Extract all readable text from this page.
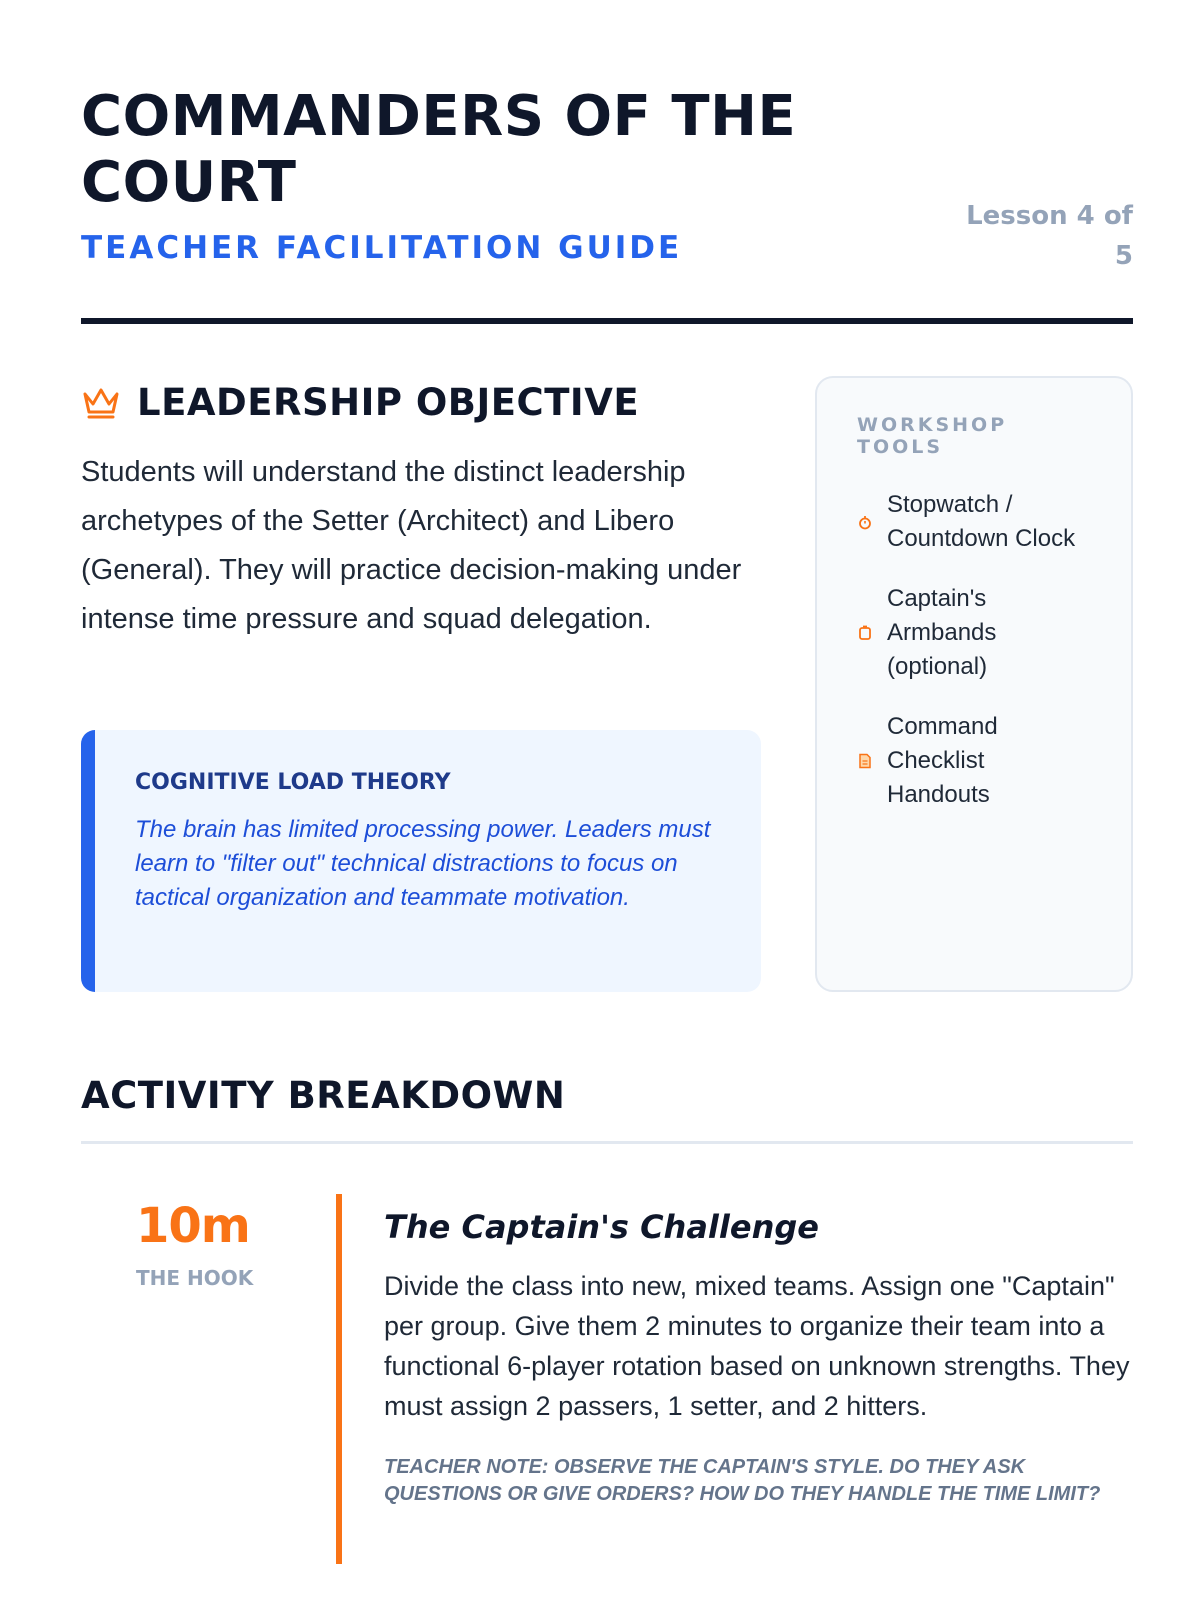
COMMANDERS OF THE COURT
TEACHER FACILITATION GUIDE
Lesson 4 of 5
LEADERSHIP OBJECTIVE

Students will understand the distinct leadership archetypes of the Setter (Architect) and Libero (General). They will practice decision-making under intense time pressure and squad delegation.

COGNITIVE LOAD THEORY

The brain has limited processing power. Leaders must learn to "filter out" technical distractions to focus on tactical organization and teammate motivation.

WORKSHOP TOOLS
Stopwatch / Countdown Clock
Captain's Armbands (optional)
Command Checklist Handouts
ACTIVITY BREAKDOWN
10m
THE HOOK
The Captain's Challenge

Divide the class into new, mixed teams. Assign one "Captain" per group. Give them 2 minutes to organize their team into a functional 6-player rotation based on unknown strengths. They must assign 2 passers, 1 setter, and 2 hitters.

TEACHER NOTE: OBSERVE THE CAPTAIN'S STYLE. DO THEY ASK QUESTIONS OR GIVE ORDERS? HOW DO THEY HANDLE THE TIME LIMIT?
